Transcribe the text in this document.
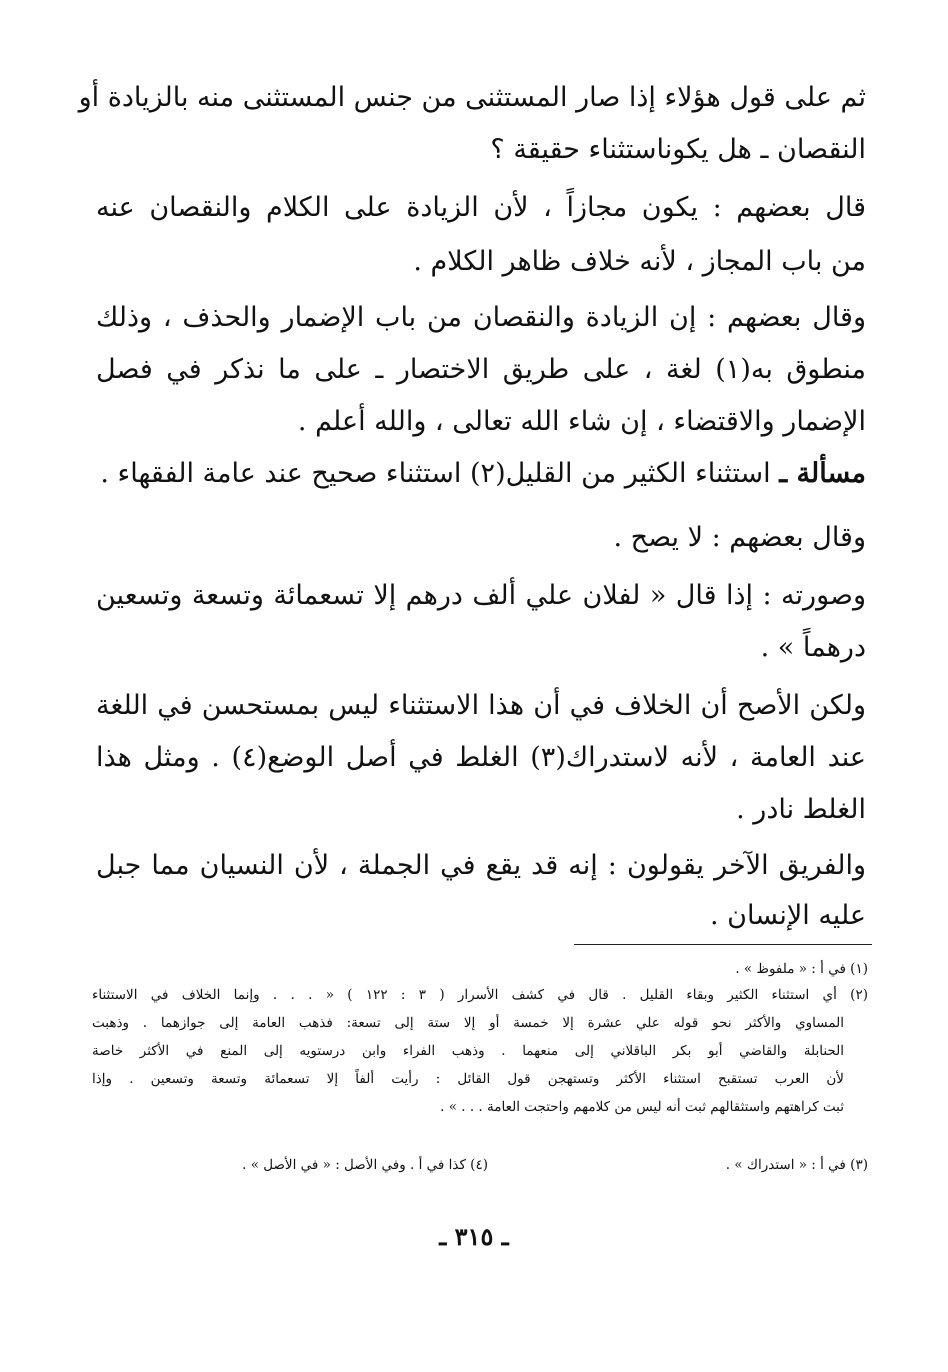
ثم على قول هؤلاء إذا صار المستثنى من جنس المستثنى منه بالزيادة أو
النقصان ـ هل يكوناستثناء حقيقة ؟
قال بعضهم : يكون مجازاً ، لأن الزيادة على الكلام والنقصان عنه
من باب المجاز ، لأنه خلاف ظاهر الكلام .
وقال بعضهم : إن الزيادة والنقصان من باب الإضمار والحذف ، وذلك
منطوق به(١) لغة ، على طريق الاختصار ـ على ما نذكر في فصل
الإضمار والاقتضاء ، إن شاء الله تعالى ، والله أعلم .
مسألة ـ استثناء الكثير من القليل(٢) استثناء صحيح عند عامة الفقهاء .
وقال بعضهم : لا يصح .
وصورته : إذا قال « لفلان علي ألف درهم إلا تسعمائة وتسعة وتسعين
درهماً » .
ولكن الأصح أن الخلاف في أن هذا الاستثناء ليس بمستحسن في اللغة
عند العامة ، لأنه لاستدراك(٣) الغلط في أصل الوضع(٤) . ومثل هذا
الغلط نادر .
والفريق الآخر يقولون : إنه قد يقع في الجملة ، لأن النسيان مما جبل
عليه الإنسان .
(١) في أ : « ملفوظ » .
(٢) أي استثناء الكثير وبقاء القليل . قال في كشف الأسرار ( ٣ : ١٢٢ ) « . . . وإنما الخلاف في الاستثناء
المساوي والأكثر نحو قوله علي عشرة إلا خمسة أو إلا ستة إلى تسعة: فذهب العامة إلى جوازهما . وذهبت
الحنابلة والقاضي أبو بكر الباقلاني إلى منعهما . وذهب الفراء وابن درستويه إلى المنع في الأكثر خاصة
لأن العرب تستقبح استثناء الأكثر وتستهجن قول القائل : رأيت ألفاً إلا تسعمائة وتسعة وتسعين . وإذا
ثبت كراهتهم واستثقالهم ثبت أنه ليس من كلامهم واحتجت العامة . . . » .
(٣) في أ : « استدراك » .
(٤) كذا في أ . وفي الأصل : « في الأصل » .
ـ ٣١٥ ـ
